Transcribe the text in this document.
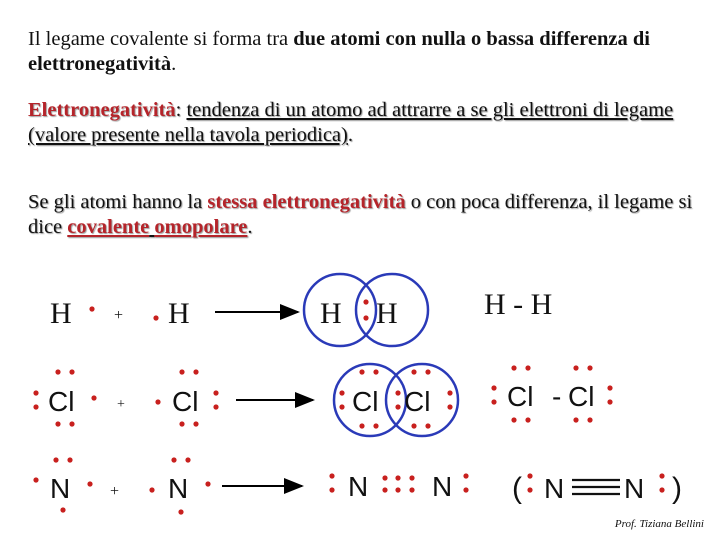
Il legame covalente si forma tra due atomi con nulla o bassa differenza di elettronegatività.

Elettronegatività: tendenza di un atomo ad attrarre a se gli elettroni di legame (valore presente nella tavola periodica).

Se gli atomi hanno la stessa elettronegatività o con poca differenza, il legame si dice covalente omopolare.

H	+ H	H H	H - H
Cl	+ Cl	Cl Cl	Cl - Cl
N + N	N N ( N N )
Prof. Tiziana Bellini
